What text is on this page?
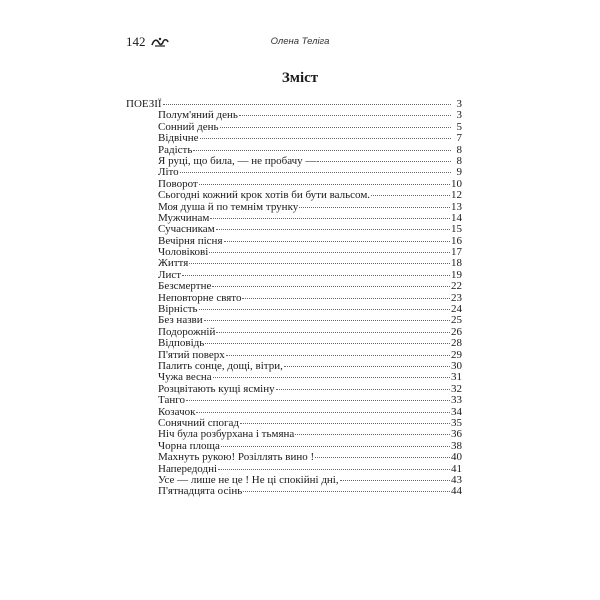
142	Олена Теліга
Зміст
ПОЕЗІЇ	3
Полум'яний день	3
Сонний день	5
Відвічне	7
Радість	8
Я руці, що била, — не пробачу —	8
Літо	9
Поворот	10
Сьогодні кожний крок хотів би бути вальсом.	12
Моя душа й по темнім трунку	13
Мужчинам	14
Сучасникам	15
Вечірня пісня	16
Чоловікові	17
Життя	18
Лист	19
Безсмертне	22
Неповторне свято	23
Вірність	24
Без назви	25
Подорожній	26
Відповідь	28
П'ятий поверх	29
Палить сонце, дощі, вітри,	30
Чужа весна	31
Розцвітають кущі ясміну	32
Танго	33
Козачок	34
Сонячний спогад	35
Ніч була розбурхана і тьмяна	36
Чорна площа	38
Махнуть рукою! Розіллять вино !	40
Напередодні	41
Усе — лише не це ! Не ці спокійні дні,	43
П'ятнадцята осінь	44
